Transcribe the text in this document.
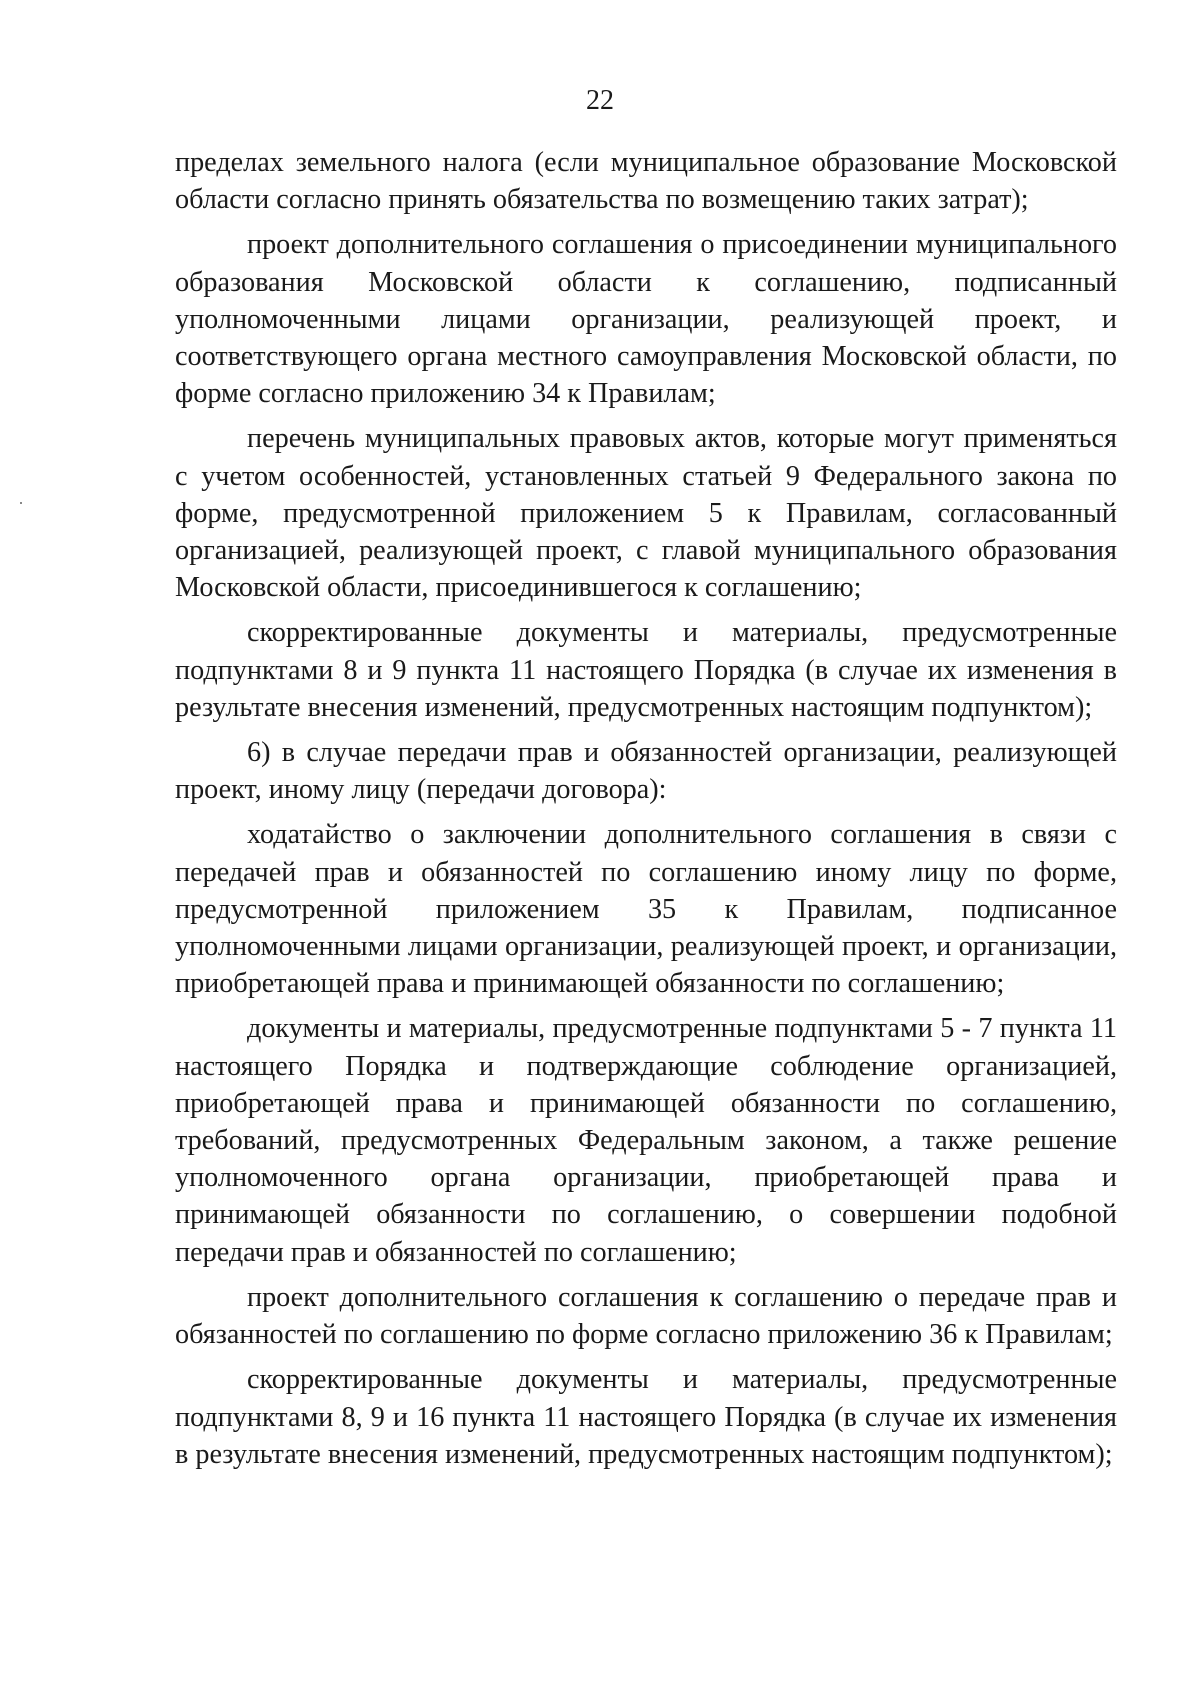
22

пределах земельного налога (если муниципальное образование Московской области согласно принять обязательства по возмещению таких затрат);

проект дополнительного соглашения о присоединении муниципального образования Московской области к соглашению, подписанный уполномоченными лицами организации, реализующей проект, и соответствующего органа местного самоуправления Московской области, по форме согласно приложению 34 к Правилам;

перечень муниципальных правовых актов, которые могут применяться с учетом особенностей, установленных статьей 9 Федерального закона по форме, предусмотренной приложением 5 к Правилам, согласованный организацией, реализующей проект, с главой муниципального образования Московской области, присоединившегося к соглашению;

скорректированные документы и материалы, предусмотренные подпунктами 8 и 9 пункта 11 настоящего Порядка (в случае их изменения в результате внесения изменений, предусмотренных настоящим подпунктом);

6) в случае передачи прав и обязанностей организации, реализующей проект, иному лицу (передачи договора):

ходатайство о заключении дополнительного соглашения в связи с передачей прав и обязанностей по соглашению иному лицу по форме, предусмотренной приложением 35 к Правилам, подписанное уполномоченными лицами организации, реализующей проект, и организации, приобретающей права и принимающей обязанности по соглашению;

документы и материалы, предусмотренные подпунктами 5 - 7 пункта 11 настоящего Порядка и подтверждающие соблюдение организацией, приобретающей права и принимающей обязанности по соглашению, требований, предусмотренных Федеральным законом, а также решение уполномоченного органа организации, приобретающей права и принимающей обязанности по соглашению, о совершении подобной передачи прав и обязанностей по соглашению;

проект дополнительного соглашения к соглашению о передаче прав и обязанностей по соглашению по форме согласно приложению 36 к Правилам;

скорректированные документы и материалы, предусмотренные подпунктами 8, 9 и 16 пункта 11 настоящего Порядка (в случае их изменения в результате внесения изменений, предусмотренных настоящим подпунктом);
